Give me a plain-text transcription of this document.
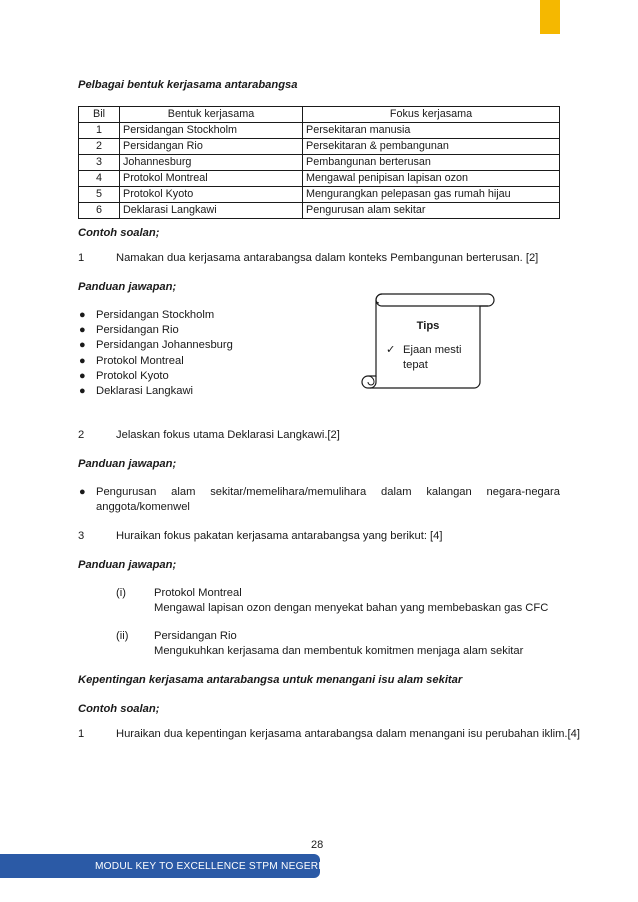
Pelbagai bentuk kerjasama antarabangsa
Bil	Bentuk kerjasama	Fokus kerjasama
1	Persidangan Stockholm	Persekitaran manusia
2	Persidangan Rio	Persekitaran & pembangunan
3	Johannesburg	Pembangunan berterusan
4	Protokol Montreal	Mengawal penipisan lapisan ozon
5	Protokol Kyoto	Mengurangkan pelepasan gas rumah hijau
6	Deklarasi Langkawi	Pengurusan alam sekitar
Contoh soalan;
1	Namakan dua kerjasama antarabangsa dalam konteks Pembangunan berterusan. [2]
Panduan jawapan;
● Persidangan Stockholm
● Persidangan Rio
● Persidangan Johannesburg
● Protokol Montreal
● Protokol Kyoto
● Deklarasi Langkawi
Tips
✓ Ejaan mesti
tepat
2	Jelaskan fokus utama Deklarasi Langkawi.[2]
Panduan jawapan;
● Pengurusan alam sekitar/memelihara/memulihara dalam kalangan negara-negara
anggota/komenwel
3	Huraikan fokus pakatan kerjasama antarabangsa yang berikut: [4]
Panduan jawapan;
(i)	Protokol Montreal
Mengawal lapisan ozon dengan menyekat bahan yang membebaskan gas CFC
(ii) Persidangan Rio
Mengukuhkan kerjasama dan membentuk komitmen menjaga alam sekitar
Kepentingan kerjasama antarabangsa untuk menangani isu alam sekitar
Contoh soalan;
1	Huraikan dua kepentingan kerjasama antarabangsa dalam menangani isu perubahan iklim.[4]
28
MODUL KEY TO EXCELLENCE STPM NEGERI PERAK
